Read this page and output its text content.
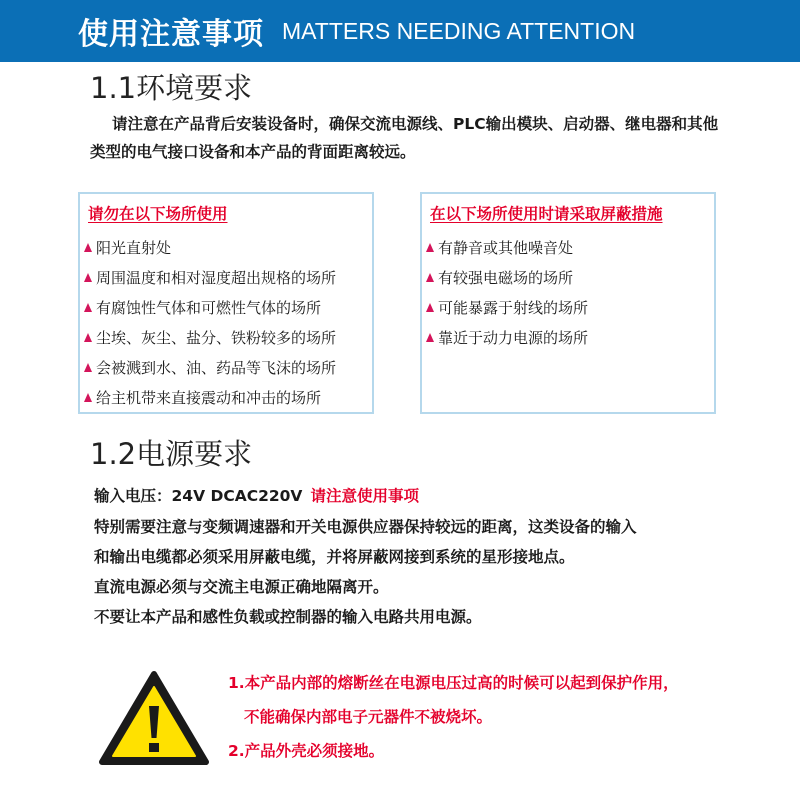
使用注意事项 MATTERS NEEDING ATTENTION
1.1环境要求
请注意在产品背后安装设备时，确保交流电源线、PLC输出模块、启动器、继电器和其他类型的电气接口设备和本产品的背面距离较远。
请勿在以下场所使用
阳光直射处
周围温度和相对湿度超出规格的场所
有腐蚀性气体和可燃性气体的场所
尘埃、灰尘、盐分、铁粉较多的场所
会被溅到水、油、药品等飞沫的场所
给主机带来直接震动和冲击的场所
在以下场所使用时请采取屏蔽措施
有静音或其他噪音处
有较强电磁场的场所
可能暴露于射线的场所
靠近于动力电源的场所
1.2电源要求
输入电压：24V DCAC220V 请注意使用事项
特别需要注意与变频调速器和开关电源供应器保持较远的距离，这类设备的输入
和输出电缆都必须采用屏蔽电缆，并将屏蔽网接到系统的星形接地点。
直流电源必须与交流主电源正确地隔离开。
不要让本产品和感性负载或控制器的输入电路共用电源。
1.本产品内部的熔断丝在电源电压过高的时候可以起到保护作用，
不能确保内部电子元器件不被烧坏。
2.产品外壳必须接地。
